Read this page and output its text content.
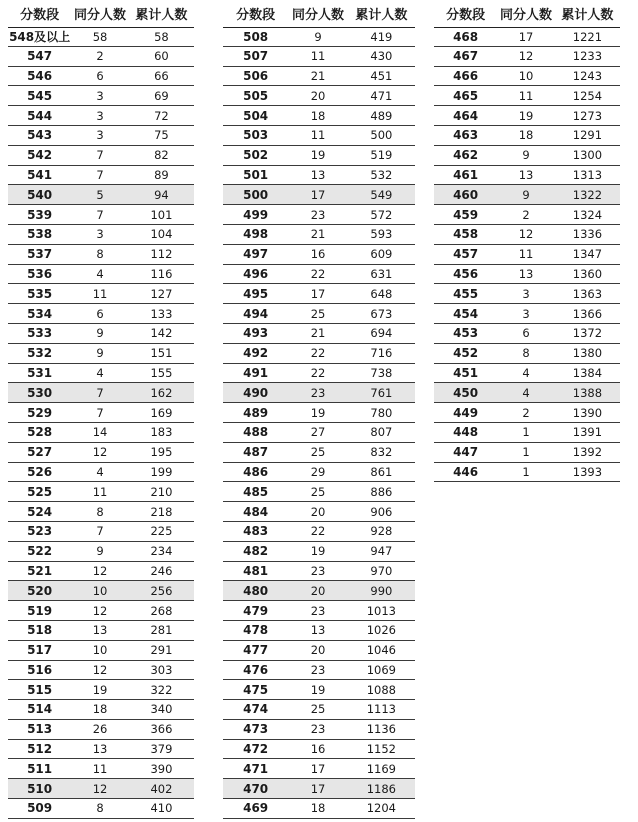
分数段	同分人数 累计人数
548及以上	58	58
547	2	60
546	6	66
545	3	69
544	3	72
543	3	75
542	7	82
541	7	89
540	5	94
539	7	101
538	3	104
537	8	112
536	4	116
535	11	127
534	6	133
533	9	142
532	9	151
531	4	155
530	7	162
529	7	169
528	14	183
527	12	195
526	4	199
525	11	210
524	8	218
523	7	225
522	9	234
521	12	246
520	10	256
519	12	268
518	13	281
517	10	291
516	12	303
515	19	322
514	18	340
513	26	366
512	13	379
511	11	390
510	12	402
509	8	410
分数段	同分人数 累计人数
508	9	419
507	11	430
506	21	451
505	20	471
504	18	489
503	11	500
502	19	519
501	13	532
500	17	549
499	23	572
498	21	593
497	16	609
496	22	631
495	17	648
494	25	673
493	21	694
492	22	716
491	22	738
490	23	761
489	19	780
488	27	807
487	25	832
486	29	861
485	25	886
484	20	906
483	22	928
482	19	947
481	23	970
480	20	990
479	23	1013
478	13	1026
477	20	1046
476	23	1069
475	19	1088
474	25	1113
473	23	1136
472	16	1152
471	17	1169
470	17	1186
469	18	1204
分数段	同分人数 累计人数
468	17	1221
467	12	1233
466	10	1243
465	11	1254
464	19	1273
463	18	1291
462	9	1300
461	13	1313
460	9	1322
459	2	1324
458	12	1336
457	11	1347
456	13	1360
455	3	1363
454	3	1366
453	6	1372
452	8	1380
451	4	1384
450	4	1388
449	2	1390
448	1	1391
447	1	1392
446	1	1393
